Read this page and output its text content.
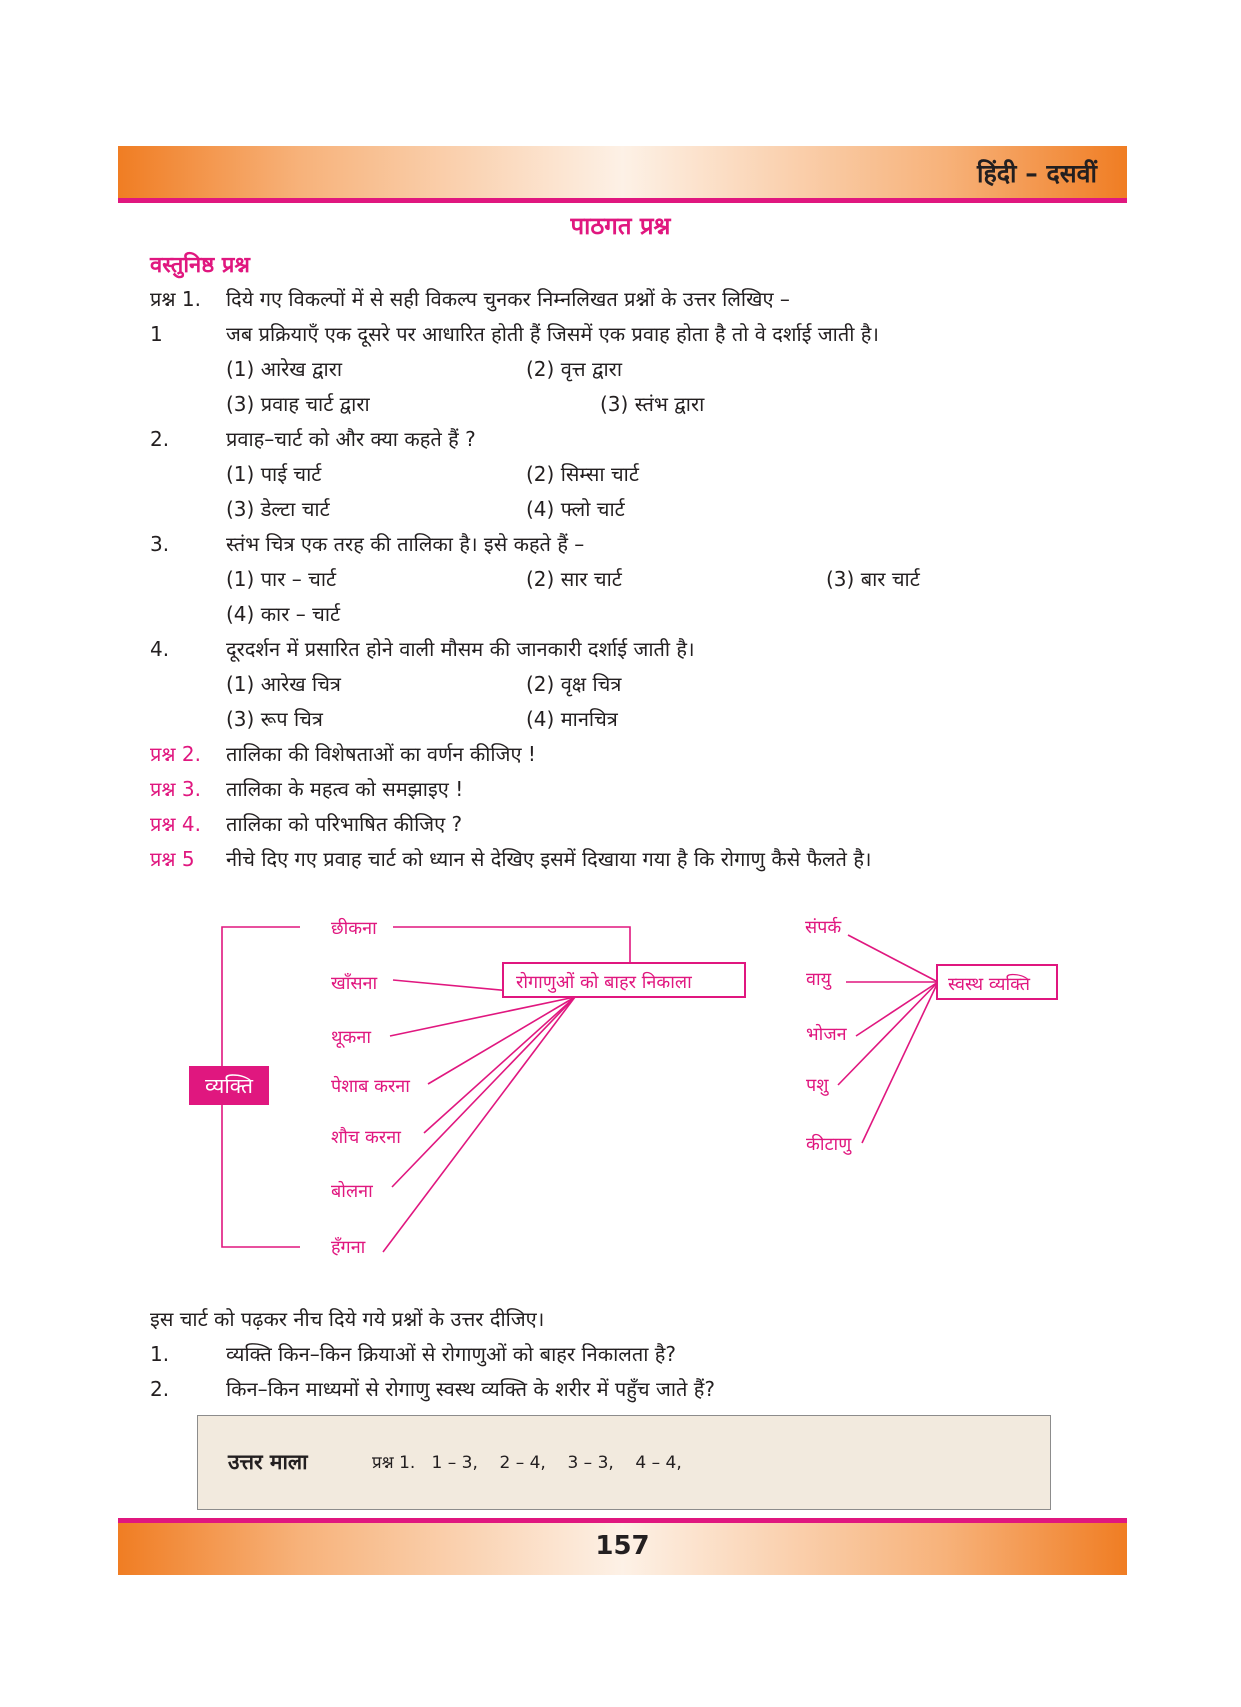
हिंदी – दसवीं
पाठगत प्रश्न
वस्तुनिष्ठ प्रश्न
प्रश्न 1. दिये गए विकल्पों में से सही विकल्प चुनकर निम्नलिखत प्रश्नों के उत्तर लिखिए –
1	जब प्रक्रियाएँ एक दूसरे पर आधारित होती हैं जिसमें एक प्रवाह होता है तो वे दर्शाई जाती है।
(1) आरेख द्वारा	(2) वृत्त द्वारा
(3) प्रवाह चार्ट द्वारा	(3) स्तंभ द्वारा
2.	प्रवाह–चार्ट को और क्या कहते हैं ?
(1) पाई चार्ट	(2) सिम्सा चार्ट
(3) डेल्टा चार्ट	(4) फ्लो चार्ट
3.	स्तंभ चित्र एक तरह की तालिका है। इसे कहते हैं –
(1) पार – चार्ट	(2) सार चार्ट	(3) बार चार्ट
(4) कार – चार्ट
4.	दूरदर्शन में प्रसारित होने वाली मौसम की जानकारी दर्शाई जाती है।
(1) आरेख चित्र	(2) वृक्ष चित्र
(3) रूप चित्र	(4) मानचित्र
प्रश्न 2. तालिका की विशेषताओं का वर्णन कीजिए !
प्रश्न 3. तालिका के महत्व को समझाइए !
प्रश्न 4. तालिका को परिभाषित कीजिए ?
प्रश्न 5 नीचे दिए गए प्रवाह चार्ट को ध्यान से देखिए इसमें दिखाया गया है कि रोगाणु कैसे फैलते है।
छीकना
खाँसना
थूकना
पेशाब करना
शौच करना
बोलना
हँगना
रोगाणुओं को बाहर निकाला
संपर्क
वायु
भोजन
पशु
कीटाणु
स्वस्थ व्यक्ति
व्यक्ति
इस चार्ट को पढ़कर नीच दिये गये प्रश्नों के उत्तर दीजिए।
1.	व्यक्ति किन–किन क्रियाओं से रोगाणुओं को बाहर निकालता है?
2.	किन–किन माध्यमों से रोगाणु स्वस्थ व्यक्ति के शरीर में पहुँच जाते हैं?
उत्तर माला	प्रश्न 1.   1 – 3,    2 – 4,    3 – 3,    4 – 4,
157
